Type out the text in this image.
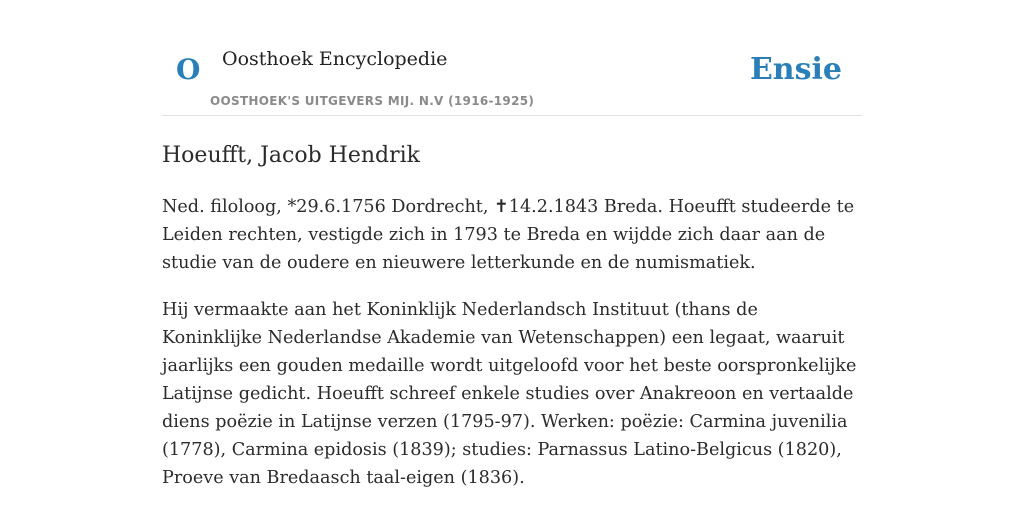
O Oosthoek Encyclopedie
OOSTHOEK'S UITGEVERS MIJ. N.V (1916-1925)
Ensie
Hoeufft, Jacob Hendrik

Ned. filoloog, *29.6.1756 Dordrecht, ✝14.2.1843 Breda. Hoeufft studeerde te Leiden rechten, vestigde zich in 1793 te Breda en wijdde zich daar aan de studie van de oudere en nieuwere letterkunde en de numismatiek.

Hij vermaakte aan het Koninklijk Nederlandsch Instituut (thans de Koninklijke Nederlandse Akademie van Wetenschappen) een legaat, waaruit jaarlijks een gouden medaille wordt uitgeloofd voor het beste oorspronkelijke Latijnse gedicht. Hoeufft schreef enkele studies over Anakreoon en vertaalde diens poëzie in Latijnse verzen (1795-97). Werken: poëzie: Carmina juvenilia (1778), Carmina epidosis (1839); studies: Parnassus Latino-Belgicus (1820), Proeve van Bredaasch taal-eigen (1836).
